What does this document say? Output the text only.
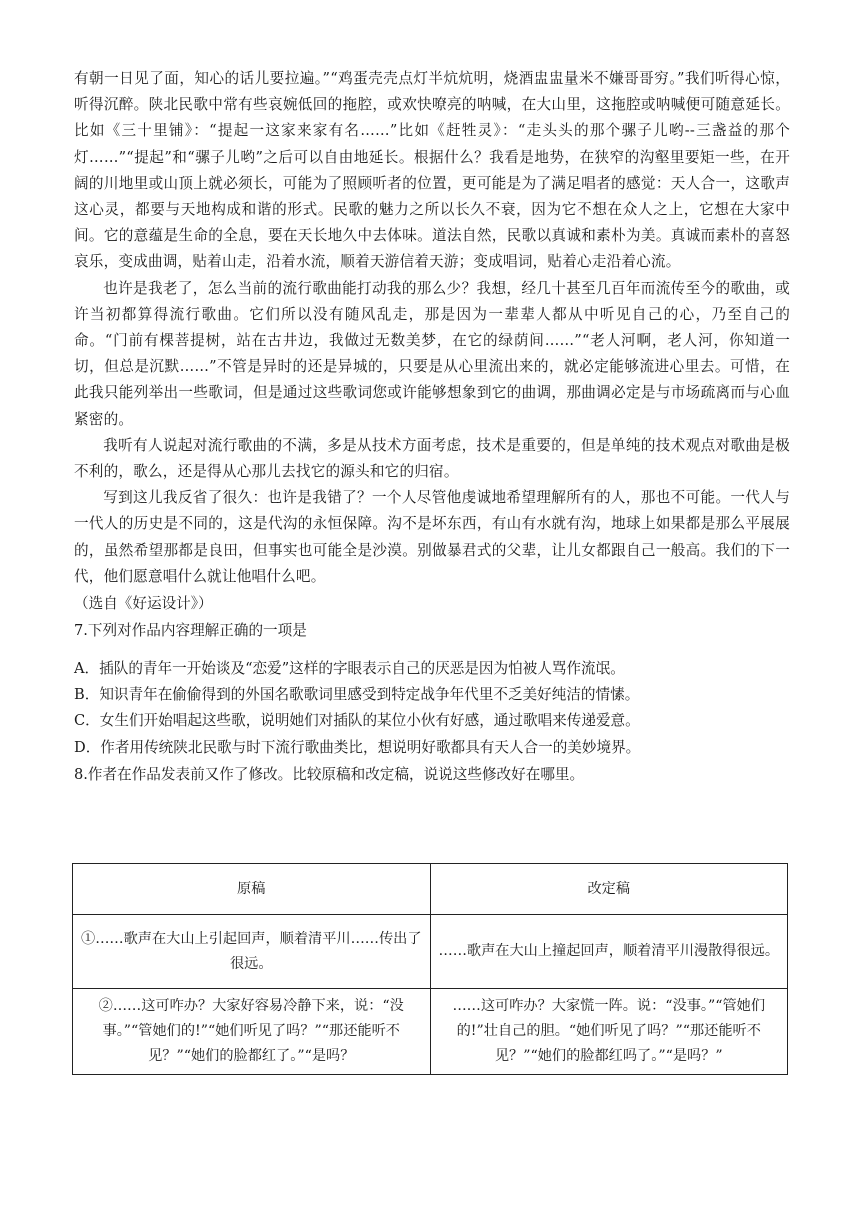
有朝一日见了面，知心的话儿要拉遍。”“鸡蛋壳壳点灯半炕炕明，烧酒盅盅量米不嫌哥哥穷。”我们听得心惊，听得沉醉。陕北民歌中常有些哀婉低回的拖腔，或欢快嘹亮的呐喊，在大山里，这拖腔或呐喊便可随意延长。比如《三十里铺》：“提起一这家来家有名……”比如《赶牲灵》：“走头头的那个骡子儿哟--三盏益的那个灯……”“提起”和“骡子儿哟”之后可以自由地延长。根据什么？我看是地势，在狭窄的沟壑里要矩一些，在开阔的川地里或山顶上就必须长，可能为了照顾听者的位置，更可能是为了满足唱者的感觉：天人合一，这歌声这心灵，都要与天地构成和谐的形式。民歌的魅力之所以长久不衰，因为它不想在众人之上，它想在大家中间。它的意蕴是生命的全息，要在天长地久中去体味。道法自然，民歌以真诚和素朴为美。真诚而素朴的喜怒哀乐，变成曲调，贴着山走，沿着水流，顺着天游信着天游；变成唱词，贴着心走沿着心流。

也许是我老了，怎么当前的流行歌曲能打动我的那么少？我想，经几十甚至几百年而流传至今的歌曲，或许当初都算得流行歌曲。它们所以没有随风乱走，那是因为一辈辈人都从中听见自己的心，乃至自己的命。“门前有棵菩提树，站在古井边，我做过无数美梦，在它的绿荫间……”“老人河啊，老人河，你知道一切，但总是沉默……”不管是异时的还是异城的，只要是从心里流出来的，就必定能够流进心里去。可惜，在此我只能列举出一些歌词，但是通过这些歌词您或许能够想象到它的曲调，那曲调必定是与市场疏离而与心血紧密的。

我听有人说起对流行歌曲的不满，多是从技术方面考虑，技术是重要的，但是单纯的技术观点对歌曲是极不利的，歌么，还是得从心那儿去找它的源头和它的归宿。

写到这儿我反省了很久：也许是我错了？一个人尽管他虔诚地希望理解所有的人，那也不可能。一代人与一代人的历史是不同的，这是代沟的永恒保障。沟不是坏东西，有山有水就有沟，地球上如果都是那么平展展的，虽然希望那都是良田，但事实也可能全是沙漠。别做暴君式的父辈，让儿女都跟自己一般高。我们的下一代，他们愿意唱什么就让他唱什么吧。

（选自《好运设计》）

7.下列对作品内容理解正确的一项是

A．插队的青年一开始谈及“恋爱”这样的字眼表示自己的厌恶是因为怕被人骂作流氓。

B．知识青年在偷偷得到的外国名歌歌词里感受到特定战争年代里不乏美好纯洁的情愫。

C．女生们开始唱起这些歌，说明她们对插队的某位小伙有好感，通过歌唱来传递爱意。

D．作者用传统陕北民歌与时下流行歌曲类比，想说明好歌都具有天人合一的美妙境界。

8.作者在作品发表前又作了修改。比较原稿和改定稿，说说这些修改好在哪里。

原稿	改定稿
①……歌声在大山上引起回声，顺着清平川……传出了很远。	……歌声在大山上撞起回声，顺着清平川漫散得很远。
②……这可咋办？大家好容易冷静下来，说：“没事。”“管她们的!”“她们听见了吗？”“那还能听不见？”“她们的脸都红了。”“是吗？	……这可咋办？大家慌一阵。说：“没事。”“管她们的!”壮自己的胆。“她们听见了吗？”“那还能听不见？”“她们的脸都红吗了。”“是吗？”
